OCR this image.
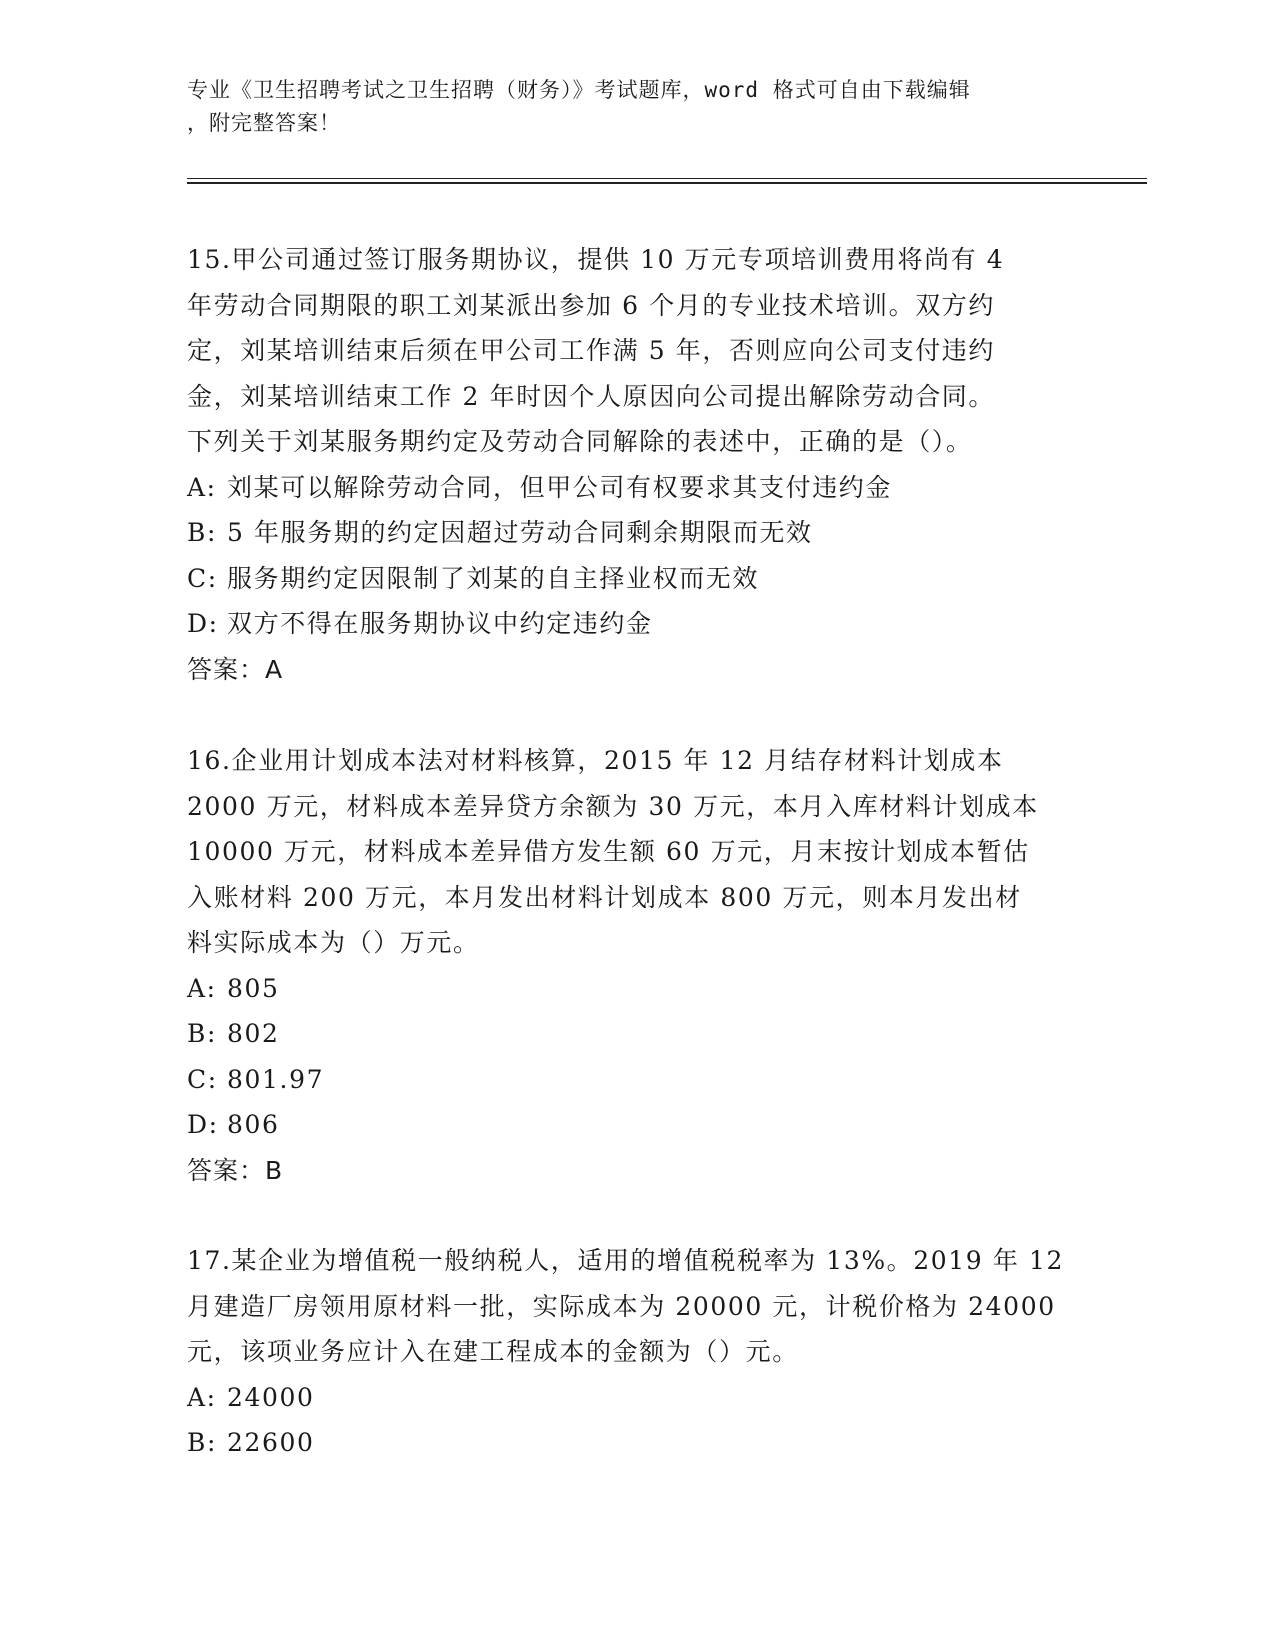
专业《卫生招聘考试之卫生招聘（财务）》考试题库，word 格式可自由下载编辑
，附完整答案！
15.甲公司通过签订服务期协议，提供 10 万元专项培训费用将尚有 4
年劳动合同期限的职工刘某派出参加 6 个月的专业技术培训。双方约
定，刘某培训结束后须在甲公司工作满 5 年，否则应向公司支付违约
金，刘某培训结束工作 2 年时因个人原因向公司提出解除劳动合同。
下列关于刘某服务期约定及劳动合同解除的表述中，正确的是（）。
A: 刘某可以解除劳动合同，但甲公司有权要求其支付违约金
B: 5 年服务期的约定因超过劳动合同剩余期限而无效
C: 服务期约定因限制了刘某的自主择业权而无效
D: 双方不得在服务期协议中约定违约金
答案：A
16.企业用计划成本法对材料核算，2015 年 12 月结存材料计划成本
2000 万元，材料成本差异贷方余额为 30 万元，本月入库材料计划成本
10000 万元，材料成本差异借方发生额 60 万元，月末按计划成本暂估
入账材料 200 万元，本月发出材料计划成本 800 万元，则本月发出材
料实际成本为（）万元。
A: 805
B: 802
C: 801.97
D: 806
答案：B
17.某企业为增值税一般纳税人，适用的增值税税率为 13%。2019 年 12
月建造厂房领用原材料一批，实际成本为 20000 元，计税价格为 24000
元，该项业务应计入在建工程成本的金额为（）元。
A: 24000
B: 22600
